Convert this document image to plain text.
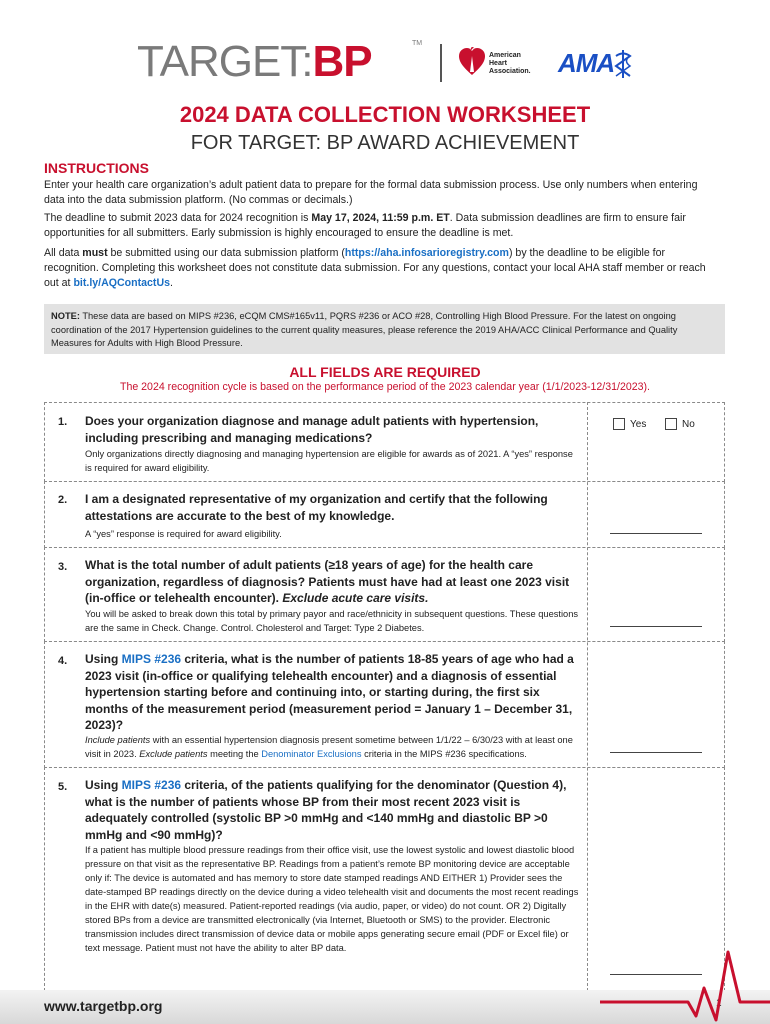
TARGET:BP	TM
American Heart Association. AMA
2024 DATA COLLECTION WORKSHEET
FOR TARGET: BP AWARD ACHIEVEMENT
INSTRUCTIONS
Enter your health care organization’s adult patient data to prepare for the formal data submission process. Use only numbers when entering data into the data submission platform. (No commas or decimals.)
The deadline to submit 2023 data for 2024 recognition is May 17, 2024, 11:59 p.m. ET. Data submission deadlines are firm to ensure fair opportunities for all submitters. Early submission is highly encouraged to ensure the deadline is met.
All data must be submitted using our data submission platform (https://aha.infosarioregistry.com) by the deadline to be eligible for recognition. Completing this worksheet does not constitute data submission. For any questions, contact your local AHA staff member or reach out at bit.ly/AQContactUs.
NOTE: These data are based on MIPS #236, eCQM CMS#165v11, PQRS #236 or ACO #28, Controlling High Blood Pressure. For the latest on ongoing coordination of the 2017 Hypertension guidelines to the current quality measures, please reference the 2019 AHA/ACC Clinical Performance and Quality Measures for Adults with High Blood Pressure.
ALL FIELDS ARE REQUIRED
The 2024 recognition cycle is based on the performance period of the 2023 calendar year (1/1/2023-12/31/2023).
1. Does your organization diagnose and manage adult patients with hypertension, including prescribing and managing medications?
Only organizations directly diagnosing and managing hypertension are eligible for awards as of 2021. A “yes” response is required for award eligibility.
Yes	No
2. I am a designated representative of my organization and certify that the following attestations are accurate to the best of my knowledge.
A “yes” response is required for award eligibility.
3. What is the total number of adult patients (≥18 years of age) for the health care organization, regardless of diagnosis? Patients must have had at least one 2023 visit (in-office or telehealth encounter). Exclude acute care visits.
You will be asked to break down this total by primary payor and race/ethnicity in subsequent questions. These questions are the same in Check. Change. Control. Cholesterol and Target: Type 2 Diabetes.
4. Using MIPS #236 criteria, what is the number of patients 18-85 years of age who had a 2023 visit (in-office or qualifying telehealth encounter) and a diagnosis of essential hypertension starting before and continuing into, or starting during, the first six months of the measurement period (measurement period = January 1 – December 31, 2023)?
Include patients with an essential hypertension diagnosis present sometime between 1/1/22 – 6/30/23 with at least one visit in 2023. Exclude patients meeting the Denominator Exclusions criteria in the MIPS #236 specifications.
5. Using MIPS #236 criteria, of the patients qualifying for the denominator (Question 4), what is the number of patients whose BP from their most recent 2023 visit is adequately controlled (systolic BP >0 mmHg and <140 mmHg and diastolic BP >0 mmHg and <90 mmHg)?
If a patient has multiple blood pressure readings from their office visit, use the lowest systolic and lowest diastolic blood pressure on that visit as the representative BP. Readings from a patient’s remote BP monitoring device are acceptable only if: The device is automated and has memory to store date stamped readings AND EITHER 1) Provider sees the date-stamped BP readings directly on the device during a video telehealth visit and documents the most recent readings in the EHR with date(s) measured. Patient-reported readings (via audio, paper, or video) do not count. OR 2) Digitally stored BPs from a device are transmitted electronically (via Internet, Bluetooth or SMS) to the provider. Electronic transmission includes direct transmission of device data or mobile apps generating secure email (PDF or Excel file) or text message. Patient must not have the ability to alter BP data.
www.targetbp.org	1
